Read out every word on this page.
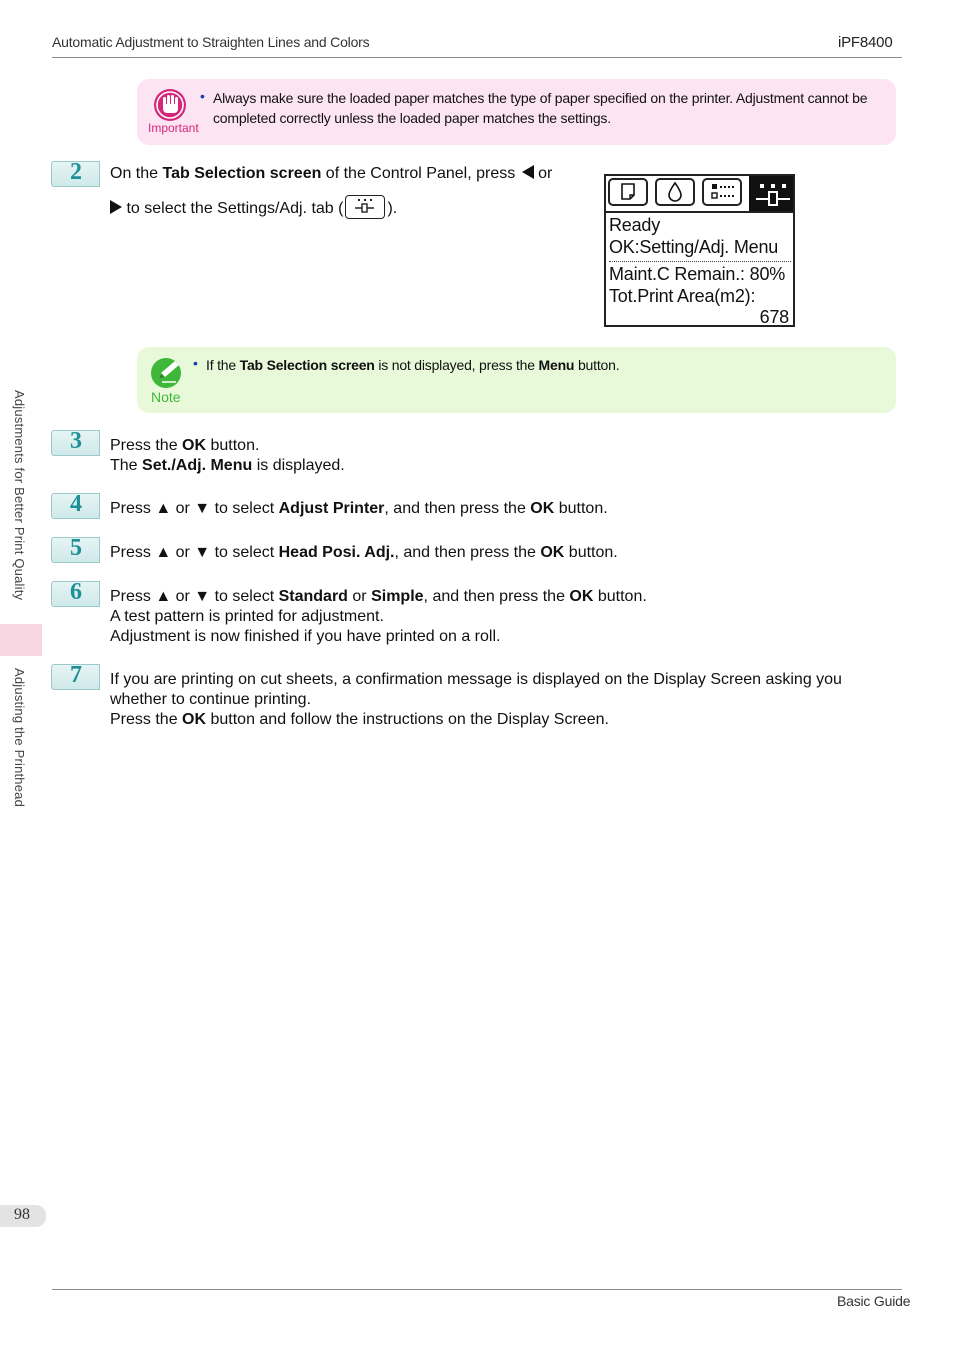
Automatic Adjustment to Straighten Lines and Colors	iPF8400
Adjustments for Better Print Quality
Adjusting the Printhead
Important
• Always make sure the loaded paper matches the type of paper specified on the printer. Adjustment cannot be
completed correctly unless the loaded paper matches the settings.
2 On the Tab Selection screen of the Control Panel, press  or
to select the Settings/Adj. tab (	).
Ready
OK:Setting/Adj. Menu
Maint.C Remain.: 80%
Tot.Print Area(m2):
678
Note
• If the Tab Selection screen is not displayed, press the Menu button.
3 Press the OK button.
The Set./Adj. Menu is displayed.
4 Press ▲ or ▼ to select Adjust Printer, and then press the OK button.
5 Press ▲ or ▼ to select Head Posi. Adj., and then press the OK button.
6 Press ▲ or ▼ to select Standard or Simple, and then press the OK button.
A test pattern is printed for adjustment.
Adjustment is now finished if you have printed on a roll.
7 If you are printing on cut sheets, a confirmation message is displayed on the Display Screen asking you
whether to continue printing.
Press the OK button and follow the instructions on the Display Screen.
98
Basic Guide
